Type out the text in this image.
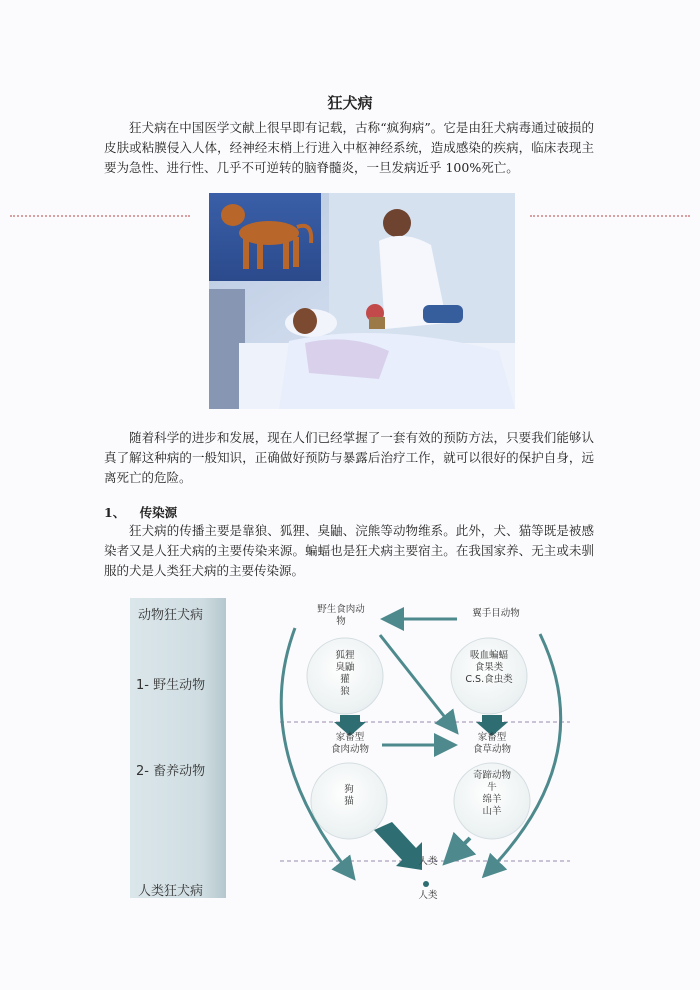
狂犬病

狂犬病在中国医学文献上很早即有记载，古称“疯狗病”。它是由狂犬病毒通过破损的皮肤或粘膜侵入人体，经神经末梢上行进入中枢神经系统，造成感染的疾病，临床表现主要为急性、进行性、几乎不可逆转的脑脊髓炎，一旦发病近乎 100%死亡。

随着科学的进步和发展，现在人们已经掌握了一套有效的预防方法，只要我们能够认真了解这种病的一般知识，正确做好预防与暴露后治疗工作，就可以很好的保护自身，远离死亡的危险。

1、 传染源

狂犬病的传播主要是靠狼、狐狸、臭鼬、浣熊等动物维系。此外，犬、猫等既是被感染者又是人狂犬病的主要传染来源。蝙蝠也是狂犬病主要宿主。在我国家养、无主或未驯服的犬是人类狂犬病的主要传染源。

动物狂犬病
1- 野生动物
2- 畜养动物
人类狂犬病
野生食肉动
物
翼手目动物
狐狸
臭鼬
獾
狼
吸血蝙蝠
食果类
C.S.食虫类
家畜型
食肉动物
家畜型
食草动物
狗
猫
奇蹄动物
牛
绵羊
山羊
人类
人类
